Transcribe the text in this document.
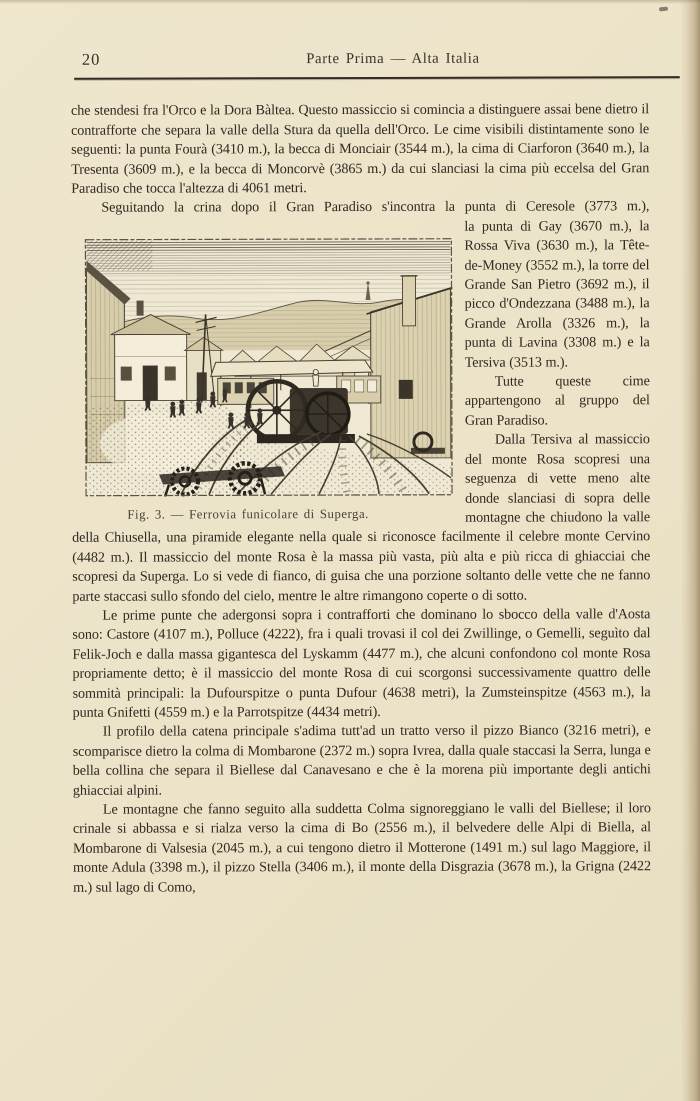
20	Parte Prima — Alta Italia

che stendesi fra l'Orco e la Dora Bàltea. Questo massiccio si comincia a distinguere assai bene dietro il contrafforte che separa la valle della Stura da quella dell'Orco. Le cime visibili distintamente sono le seguenti: la punta Fourà (3410 m.), la becca di Monciair (3544 m.), la cima di Ciarforon (3640 m.), la Tresenta (3609 m.), e la becca di Moncorvè (3865 m.) da cui slanciasi la cima più eccelsa del Gran Paradiso che tocca l'altezza di 4061 metri.

Seguitando la crina dopo il Gran Paradiso s'incontra la punta di Ceresole (3773 m.),

Fig. 3. — Ferrovia funicolare di Superga.

la punta di Gay (3670 m.), la Rossa Viva (3630 m.), la Tête-de-Money (3552 m.), la torre del Grande San Pietro (3692 m.), il picco d'Ondezzana (3488 m.), la Grande Arolla (3326 m.), la punta di Lavina (3308 m.) e la Tersiva (3513 m.).

Tutte queste cime appartengono al gruppo del Gran Paradiso.

Dalla Tersiva al massiccio del monte Rosa scopresi una seguenza di vette meno alte donde slanciasi di sopra delle montagne che chiudono la valle della Chiusella, una piramide elegante nella quale si riconosce facilmente il celebre monte Cervino (4482 m.). Il massiccio del monte Rosa è la massa più vasta, più alta e più ricca di ghiacciai che scopresi da Superga. Lo si vede di fianco, di guisa che una porzione soltanto delle vette che ne fanno parte staccasi sullo sfondo del cielo, mentre le altre rimangono coperte o di sotto.

Le prime punte che adergonsi sopra i contrafforti che dominano lo sbocco della valle d'Aosta sono: Castore (4107 m.), Polluce (4222), fra i quali trovasi il col dei Zwillinge, o Gemelli, seguìto dal Felik-Joch e dalla massa gigantesca del Lyskamm (4477 m.), che alcuni confondono col monte Rosa propriamente detto; è il massiccio del monte Rosa di cui scorgonsi successivamente quattro delle sommità principali: la Dufourspitze o punta Dufour (4638 metri), la Zumsteinspitze (4563 m.), la punta Gnifetti (4559 m.) e la Parrotspitze (4434 metri).

Il profilo della catena principale s'adima tutt'ad un tratto verso il pizzo Bianco (3216 metri), e scomparisce dietro la colma di Mombarone (2372 m.) sopra Ivrea, dalla quale staccasi la Serra, lunga e bella collina che separa il Biellese dal Canavesano e che è la morena più importante degli antichi ghiacciai alpini.

Le montagne che fanno seguito alla suddetta Colma signoreggiano le valli del Biellese; il loro crinale si abbassa e si rialza verso la cima di Bo (2556 m.), il belvedere delle Alpi di Biella, al Mombarone di Valsesia (2045 m.), a cui tengono dietro il Motterone (1491 m.) sul lago Maggiore, il monte Adula (3398 m.), il pizzo Stella (3406 m.), il monte della Disgrazia (3678 m.), la Grigna (2422 m.) sul lago di Como,
